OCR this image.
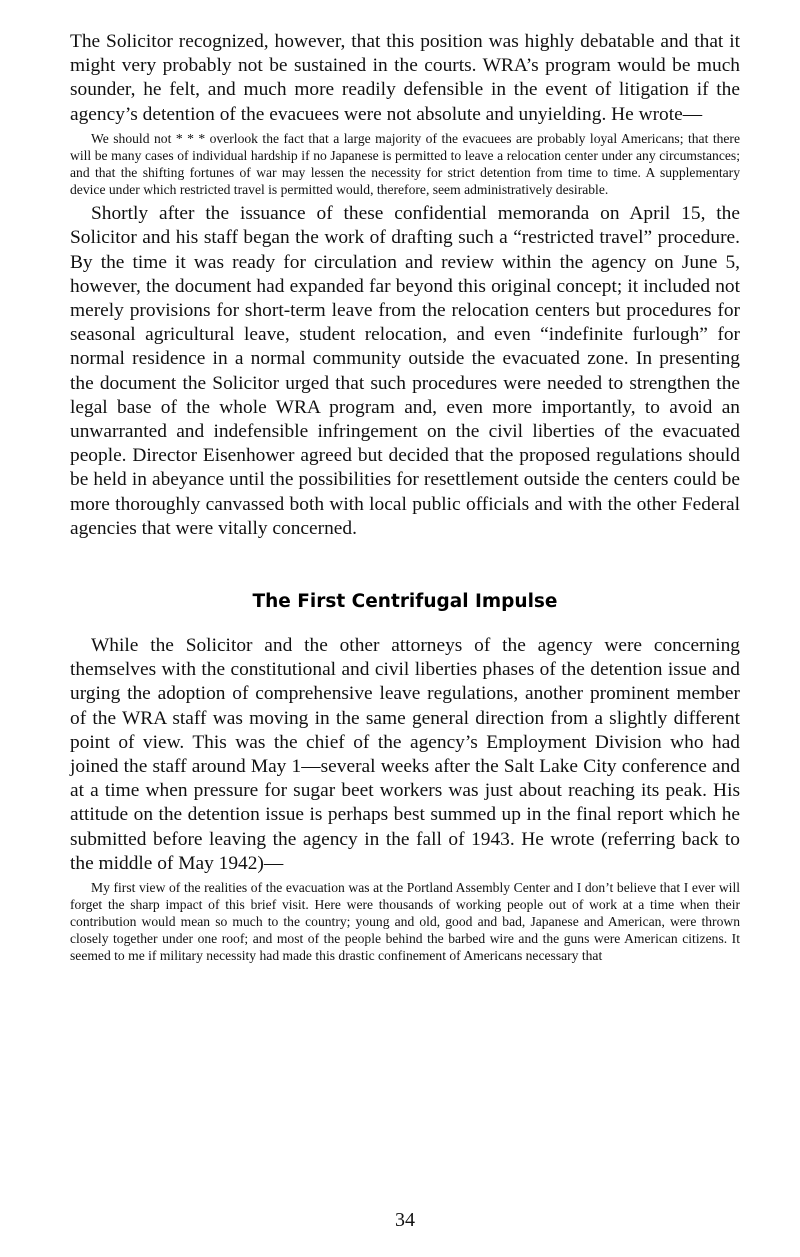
The Solicitor recognized, however, that this position was highly debatable and that it might very probably not be sustained in the courts. WRA’s program would be much sounder, he felt, and much more readily defensible in the event of litigation if the agency’s detention of the evacuees were not absolute and unyielding. He wrote—

We should not * * * overlook the fact that a large majority of the evacuees are probably loyal Americans; that there will be many cases of individual hardship if no Japanese is permitted to leave a relocation center under any circumstances; and that the shifting fortunes of war may lessen the necessity for strict detention from time to time. A supplementary device under which restricted travel is permitted would, therefore, seem administratively desirable.

Shortly after the issuance of these confidential memoranda on April 15, the Solicitor and his staff began the work of drafting such a “restricted travel” procedure. By the time it was ready for circulation and review within the agency on June 5, however, the document had expanded far beyond this original concept; it included not merely provisions for short-term leave from the relocation centers but procedures for seasonal agricultural leave, student relocation, and even “indefinite furlough” for normal residence in a normal community outside the evacuated zone. In presenting the document the Solicitor urged that such procedures were needed to strengthen the legal base of the whole WRA program and, even more importantly, to avoid an unwarranted and indefensible infringement on the civil liberties of the evacuated people. Director Eisenhower agreed but decided that the proposed regulations should be held in abeyance until the possibilities for resettlement outside the centers could be more thoroughly canvassed both with local public officials and with the other Federal agencies that were vitally concerned.

The First Centrifugal Impulse

While the Solicitor and the other attorneys of the agency were concerning themselves with the constitutional and civil liberties phases of the detention issue and urging the adoption of comprehensive leave regulations, another prominent member of the WRA staff was moving in the same general direction from a slightly different point of view. This was the chief of the agency’s Employment Division who had joined the staff around May 1—several weeks after the Salt Lake City conference and at a time when pressure for sugar beet workers was just about reaching its peak. His attitude on the detention issue is perhaps best summed up in the final report which he submitted before leaving the agency in the fall of 1943. He wrote (referring back to the middle of May 1942)—

My first view of the realities of the evacuation was at the Portland Assembly Center and I don’t believe that I ever will forget the sharp impact of this brief visit. Here were thousands of working people out of work at a time when their contribution would mean so much to the country; young and old, good and bad, Japanese and American, were thrown closely together under one roof; and most of the people behind the barbed wire and the guns were American citizens. It seemed to me if military necessity had made this drastic confinement of Americans necessary that

34
